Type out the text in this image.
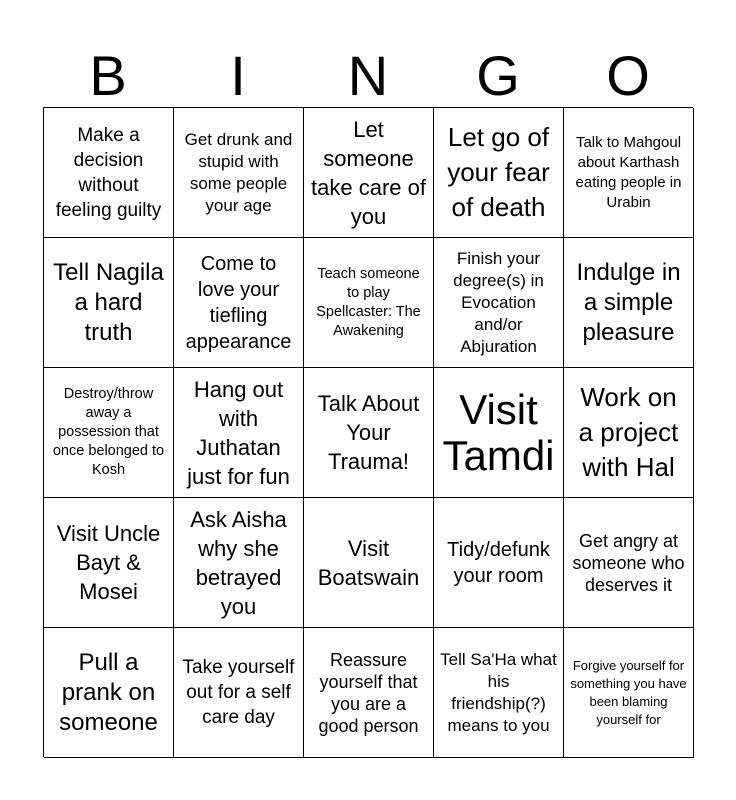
B	I	N	G	O
Make a decision without feeling guilty
Get drunk and stupid with some people your age
Let someone take care of you
Let go of your fear of death
Talk to Mahgoul about Karthash eating people in Urabin
Tell Nagila a hard truth
Come to love your tiefling appearance
Teach someone to play Spellcaster: The Awakening
Finish your degree(s) in Evocation and/or Abjuration
Indulge in a simple pleasure
Destroy/throw away a possession that once belonged to Kosh
Hang out with Juthatan just for fun
Talk About Your Trauma!
Visit Tamdi
Work on a project with Hal
Visit Uncle Bayt & Mosei
Ask Aisha why she betrayed you
Visit Boatswain
Tidy/defunk your room
Get angry at someone who deserves it
Pull a prank on someone
Take yourself out for a self care day
Reassure yourself that you are a good person
Tell Sa'Ha what his friendship(?) means to you
Forgive yourself for something you have been blaming yourself for
